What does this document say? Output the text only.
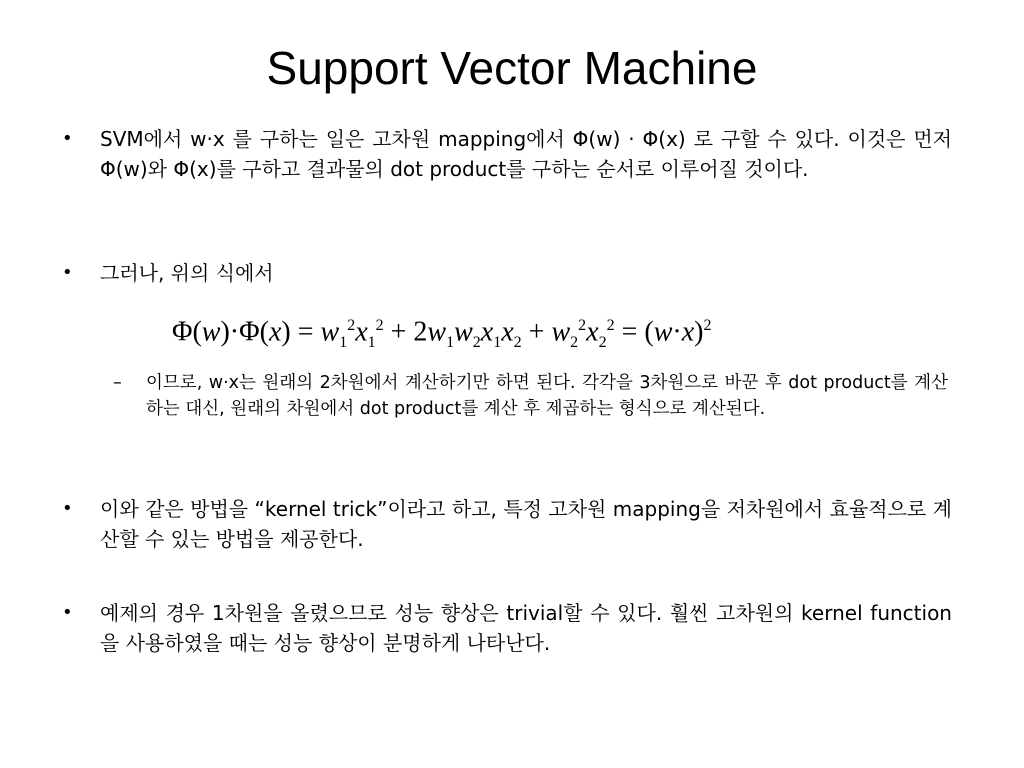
Support Vector Machine
•	SVM에서 w·x 를 구하는 일은 고차원 mapping에서 Φ(w) · Φ(x) 로 구할 수 있다. 이것은 먼저 Φ(w)와 Φ(x)를 구하고 결과물의 dot product를 구하는 순서로 이루어질 것이다.
•	그러나, 위의 식에서
$\Phi(w)\cdot\Phi(x) = w_1^2x_1^2 + 2w_1w_2x_1x_2 + w_2^2x_2^2 = (w\cdot x)^2$
– 이므로, w·x는 원래의 2차원에서 계산하기만 하면 된다. 각각을 3차원으로 바꾼 후 dot product를 계산하는 대신, 원래의 차원에서 dot product를 계산 후 제곱하는 형식으로 계산된다.
•	이와 같은 방법을 “kernel trick”이라고 하고, 특정 고차원 mapping을 저차원에서 효율적으로 계산할 수 있는 방법을 제공한다.
•	예제의 경우 1차원을 올렸으므로 성능 향상은 trivial할 수 있다. 훨씬 고차원의 kernel function을 사용하였을 때는 성능 향상이 분명하게 나타난다.
